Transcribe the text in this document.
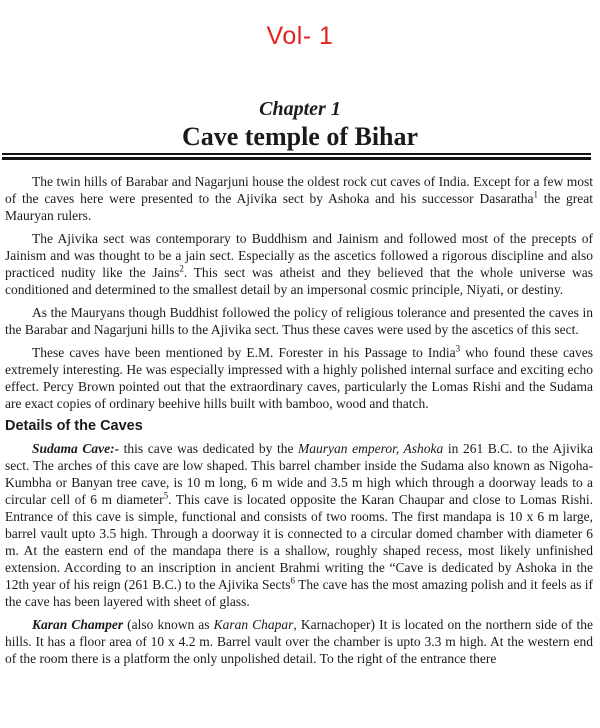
Vol- 1
Chapter 1
Cave temple of Bihar

The twin hills of Barabar and Nagarjuni house the oldest rock cut caves of India. Except for a few most of the caves here were presented to the Ajivika sect by Ashoka and his successor Dasaratha$^1$ the great Mauryan rulers.

The Ajivika sect was contemporary to Buddhism and Jainism and followed most of the precepts of Jainism and was thought to be a jain sect. Especially as the ascetics followed a rigorous discipline and also practiced nudity like the Jains$^2$. This sect was atheist and they believed that the whole universe was conditioned and determined to the smallest detail by an impersonal cosmic principle, Niyati, or destiny.

As the Mauryans though Buddhist followed the policy of religious tolerance and presented the caves in the Barabar and Nagarjuni hills to the Ajivika sect. Thus these caves were used by the ascetics of this sect.

These caves have been mentioned by E.M. Forester in his Passage to India$^3$ who found these caves extremely interesting. He was especially impressed with a highly polished internal surface and exciting echo effect. Percy Brown pointed out that the extraordinary caves, particularly the Lomas Rishi and the Sudama are exact copies of ordinary beehive hills built with bamboo, wood and thatch.

Details of the Caves

Sudama Cave:- this cave was dedicated by the Mauryan emperor, Ashoka in 261 B.C. to the Ajivika sect. The arches of this cave are low shaped. This barrel chamber inside the Sudama also known as Nigoha-Kumbha or Banyan tree cave, is 10 m long, 6 m wide and 3.5 m high which through a doorway leads to a circular cell of 6 m diameter$^5$. This cave is located opposite the Karan Chaupar and close to Lomas Rishi. Entrance of this cave is simple, functional and consists of two rooms. The first mandapa is 10 x 6 m large, barrel vault upto 3.5 high. Through a doorway it is connected to a circular domed chamber with diameter 6 m. At the eastern end of the mandapa there is a shallow, roughly shaped recess, most likely unfinished extension. According to an inscription in ancient Brahmi writing the “Cave is dedicated by Ashoka in the 12th year of his reign (261 B.C.) to the Ajivika Sects$^6$ The cave has the most amazing polish and it feels as if the cave has been layered with sheet of glass.

Karan Champer (also known as Karan Chapar, Karnachoper) It is located on the northern side of the hills. It has a floor area of 10 x 4.2 m. Barrel vault over the chamber is upto 3.3 m high. At the western end of the room there is a platform the only unpolished detail. To the right of the entrance there
